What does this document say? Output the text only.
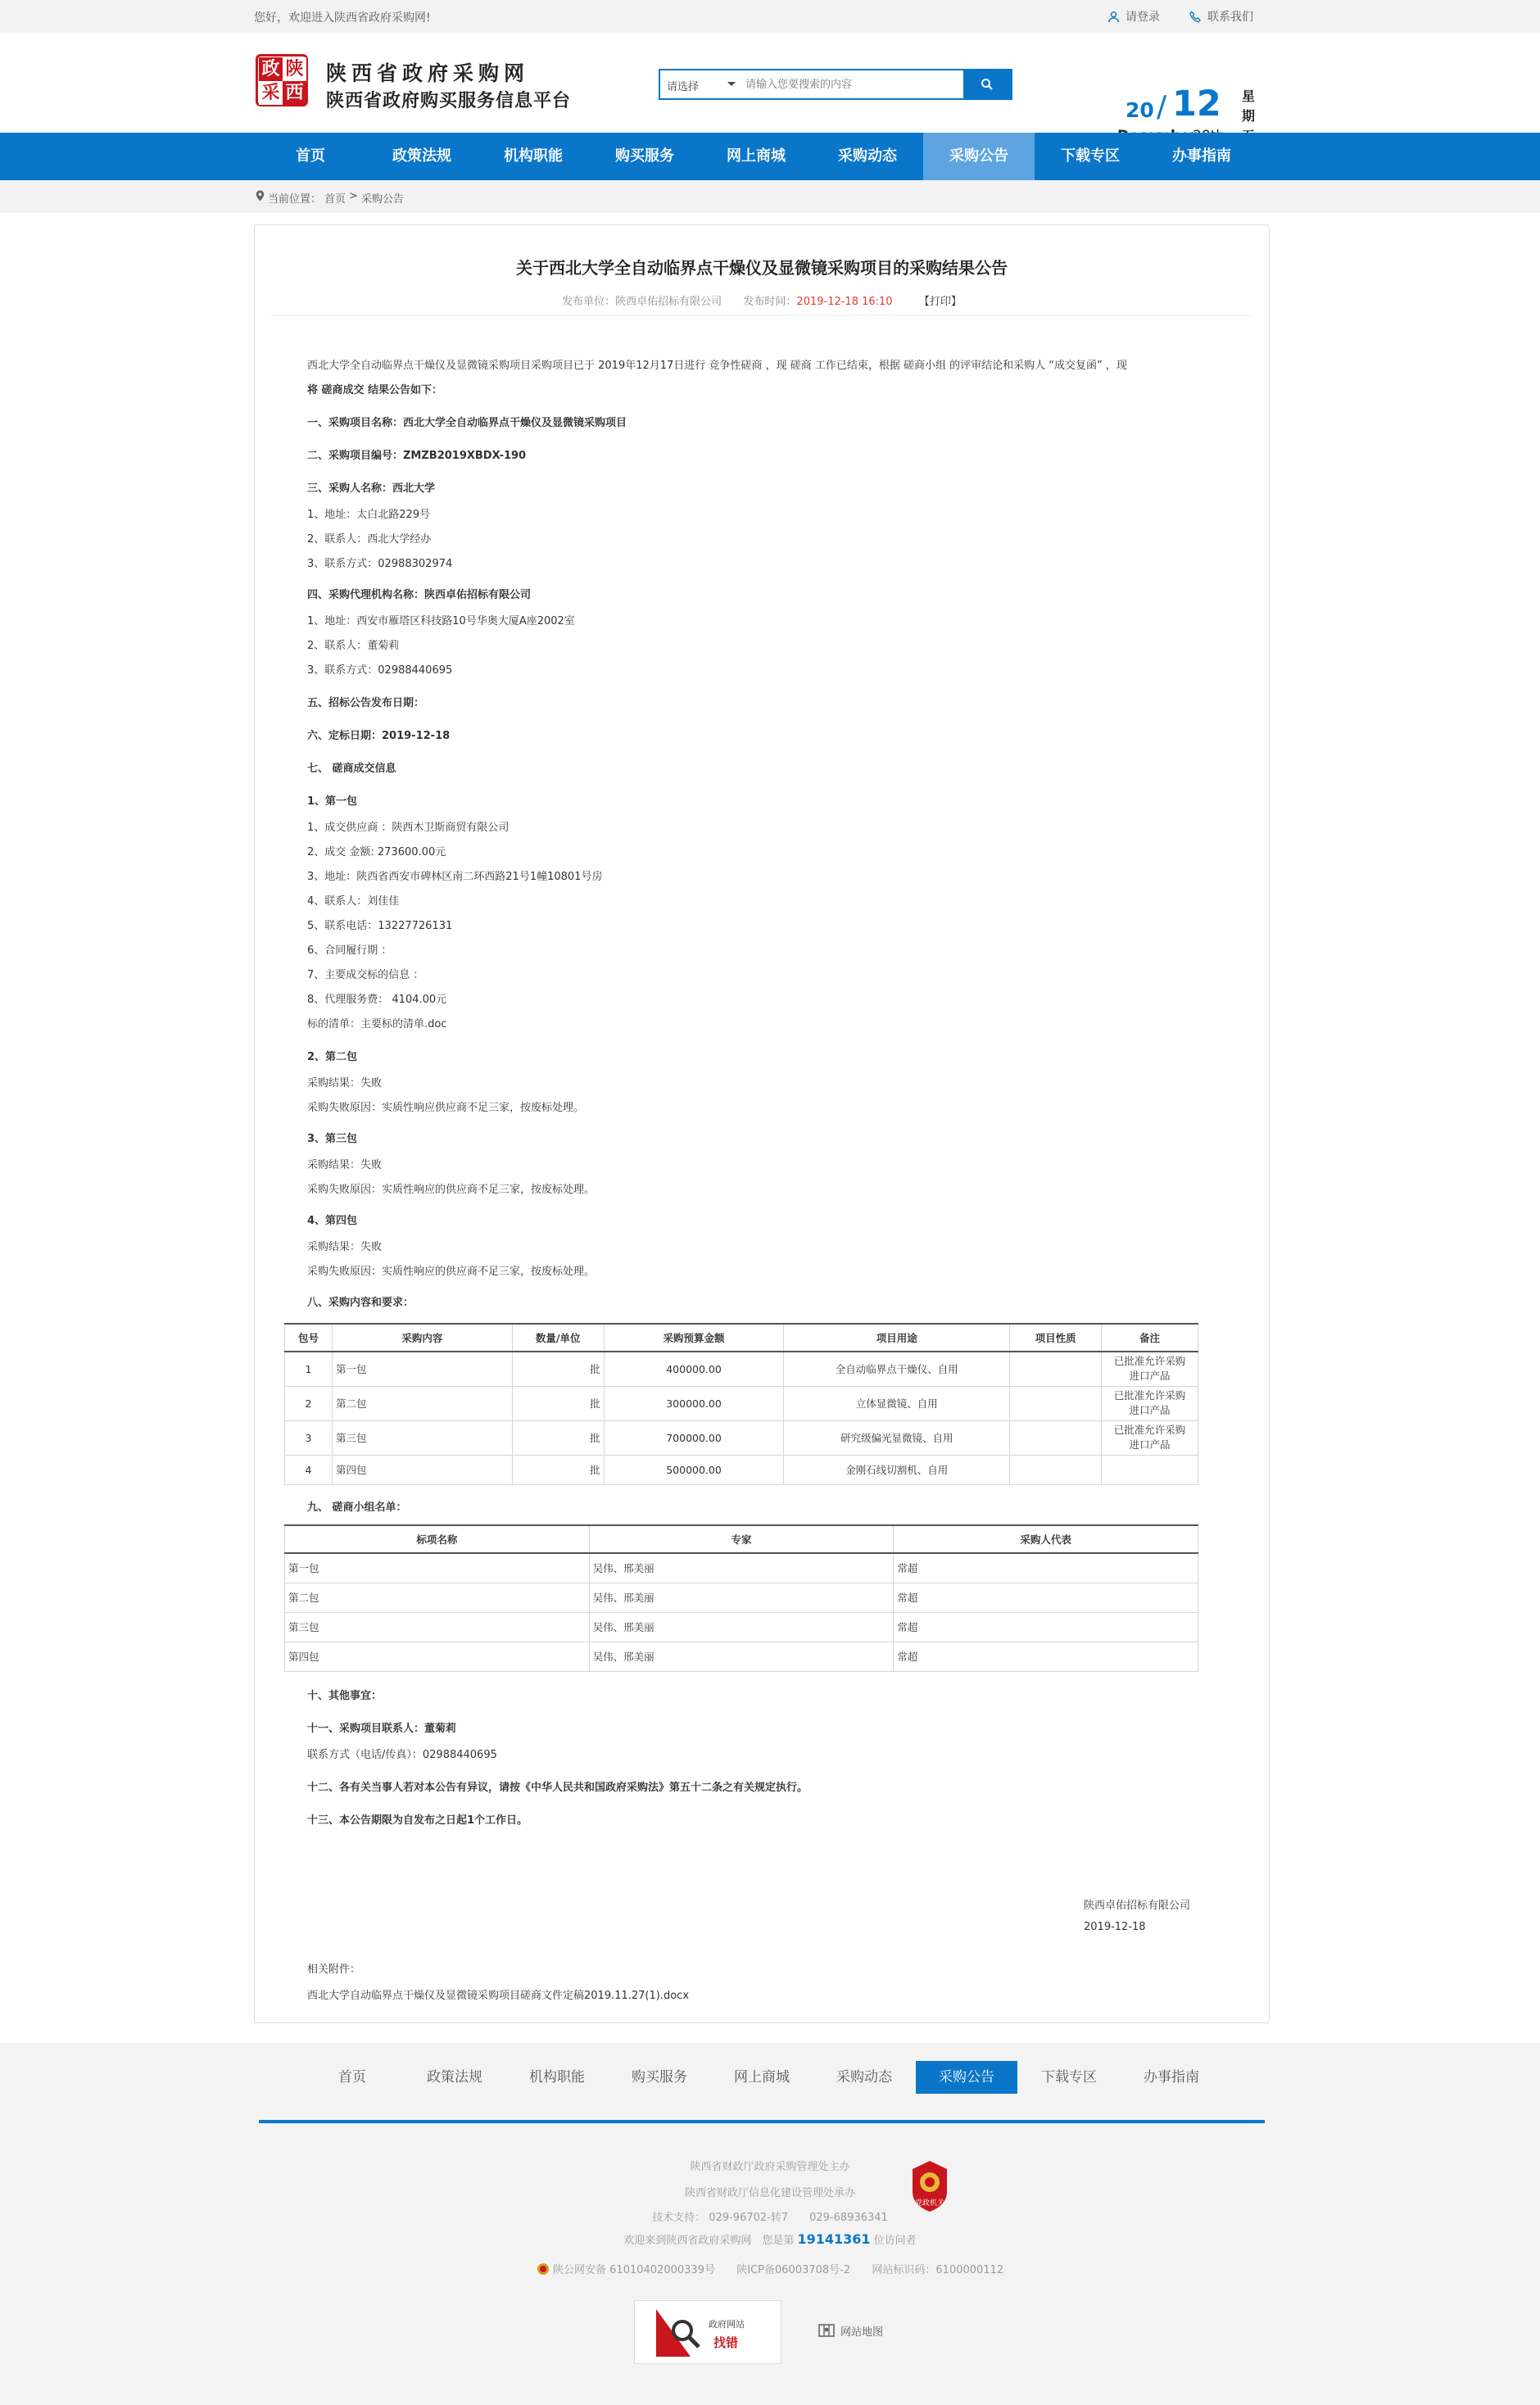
您好，欢迎进入陕西省政府采购网!	请登录	联系我们
政 陕
采 西
陕西省政府采购网
陕西省政府购买服务信息平台
请选择
请输入您要搜索的内容
20 / 12 星期
首页	政策法规	机构职能	购买服务	网上商城	采购动态	采购公告	下载专区	办事指南
当前位置： 首页 > 采购公告
关于西北大学全自动临界点干燥仪及显微镜采购项目的采购结果公告
发布单位：陕西卓佑招标有限公司 发布时间：2019-12-18 16:10 【打印】
西北大学全自动临界点干燥仪及显微镜采购项目采购项目已于 2019年12月17日进行 竞争性磋商 ，现 磋商 工作已结束，根据 磋商小组 的评审结论和采购人 “成交复函” ，现
将 磋商成交 结果公告如下：
一、采购项目名称：西北大学全自动临界点干燥仪及显微镜采购项目
二、采购项目编号：ZMZB2019XBDX-190
三、采购人名称：西北大学
1、地址：太白北路229号
2、联系人：西北大学经办
3、联系方式：02988302974
四、采购代理机构名称：陕西卓佑招标有限公司
1、地址：西安市雁塔区科技路10号华奥大厦A座2002室
2、联系人：董菊莉
3、联系方式：02988440695
五、招标公告发布日期：
六、定标日期：2019-12-18
七、 磋商成交信息
1、第一包
1、成交供应商 ：陕西木卫斯商贸有限公司
2、成交 金额: 273600.00元
3、地址：陕西省西安市碑林区南二环西路21号1幢10801号房
4、联系人：刘佳佳
5、联系电话：13227726131
6、合同履行期 ：
7、主要成交标的信息 ：
8、代理服务费： 4104.00元
标的清单：主要标的清单.doc
2、第二包
采购结果：失败
采购失败原因：实质性响应供应商不足三家，按废标处理。
3、第三包
采购结果：失败
采购失败原因：实质性响应的供应商不足三家，按废标处理。
4、第四包
采购结果：失败
采购失败原因：实质性响应的供应商不足三家，按废标处理。
八、采购内容和要求：
包号	采购内容	数量/单位	采购预算金额	项目用途	项目性质	备注
1	第一包	批	400000.00	全自动临界点干燥仪、自用		已批准允许采购
进口产品
2	第二包	批	300000.00	立体显微镜、自用		已批准允许采购
进口产品
3	第三包	批	700000.00	研究级偏光显微镜、自用		已批准允许采购
进口产品
4	第四包	批	500000.00	金刚石线切割机、自用		
九、 磋商小组名单：
标项名称	专家	采购人代表
第一包	吴伟、邢美丽	常超
第二包	吴伟、邢美丽	常超
第三包	吴伟、邢美丽	常超
第四包	吴伟、邢美丽	常超
十、其他事宜：
十一、采购项目联系人：董菊莉
联系方式（电话/传真）：02988440695
十二、各有关当事人若对本公告有异议，请按《中华人民共和国政府采购法》第五十二条之有关规定执行。
十三、本公告期限为自发布之日起1个工作日。
陕西卓佑招标有限公司
2019-12-18
相关附件：
西北大学自动临界点干燥仪及显微镜采购项目磋商文件定稿2019.11.27(1).docx
首页	政策法规	机构职能	购买服务	网上商城	采购动态	采购公告	下载专区	办事指南
陕西省财政厅政府采购管理处主办
陕西省财政厅信息化建设管理处承办
技术支持： 029-96702-转7　　029-68936341
欢迎来到陕西省政府采购网　您是第 19141361 位访问者
陕公网安备 61010402000339号 陕ICP备06003708号-2 网站标识码：6100000112
党政机关
政府网站
找错
网站地图
